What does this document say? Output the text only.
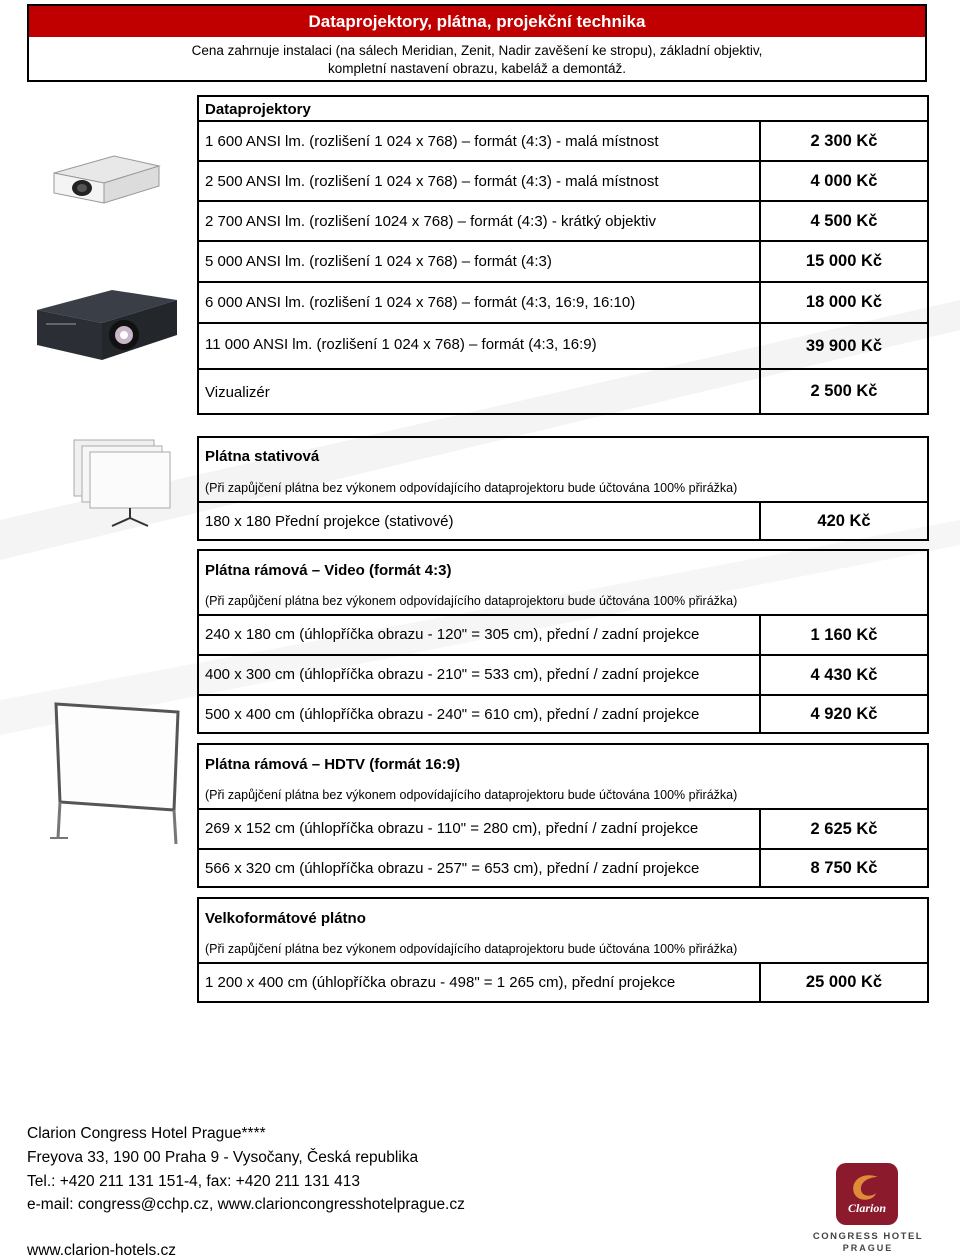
Dataprojektory, plátna, projekční technika
Cena zahrnuje instalaci (na sálech Meridian, Zenit, Nadir zavěšení ke stropu), základní objektiv,
kompletní nastavení obrazu, kabeláž a demontáž.
Dataprojektory
1 600 ANSI lm. (rozlišení 1 024 x 768) – formát (4:3) - malá místnost	2 300 Kč
2 500 ANSI lm. (rozlišení 1 024 x 768) – formát (4:3) - malá místnost	4 000 Kč
2 700 ANSI lm. (rozlišení 1024 x 768) – formát (4:3) - krátký objektiv	4 500 Kč
5 000 ANSI lm. (rozlišení 1 024 x 768) – formát (4:3)	15 000 Kč
6 000 ANSI lm. (rozlišení 1 024 x 768) – formát (4:3, 16:9, 16:10)	18 000 Kč
11 000 ANSI lm. (rozlišení 1 024 x 768) – formát (4:3, 16:9)	39 900 Kč
Vizualizér	2 500 Kč
Plátna stativová
(Při zapůjčení plátna bez výkonem odpovídajícího dataprojektoru bude účtována 100% přirážka)
180 x 180 Přední projekce (stativové)	420 Kč
Plátna rámová – Video (formát 4:3)
(Při zapůjčení plátna bez výkonem odpovídajícího dataprojektoru bude účtována 100% přirážka)
240 x 180 cm (úhlopříčka obrazu - 120" = 305 cm), přední / zadní projekce	1 160 Kč
400 x 300 cm (úhlopříčka obrazu - 210" = 533 cm), přední / zadní projekce	4 430 Kč
500 x 400 cm (úhlopříčka obrazu - 240" = 610 cm), přední / zadní projekce	4 920 Kč
Plátna rámová – HDTV (formát 16:9)
(Při zapůjčení plátna bez výkonem odpovídajícího dataprojektoru bude účtována 100% přirážka)
269 x 152 cm (úhlopříčka obrazu - 110" = 280 cm), přední / zadní projekce	2 625 Kč
566 x 320 cm (úhlopříčka obrazu - 257" = 653 cm), přední / zadní projekce	8 750 Kč
Velkoformátové plátno
(Při zapůjčení plátna bez výkonem odpovídajícího dataprojektoru bude účtována 100% přirážka)
1 200 x 400 cm (úhlopříčka obrazu - 498" = 1 265 cm), přední projekce	25 000 Kč
Clarion Congress Hotel Prague****
Freyova 33, 190 00 Praha 9 - Vysočany, Česká republika
Tel.: +420 211 131 151-4, fax: +420 211 131 413
e-mail: congress@cchp.cz, www.clarioncongresshotelprague.cz
www.clarion-hotels.cz
Clarion
CONGRESS HOTEL
PRAGUE
